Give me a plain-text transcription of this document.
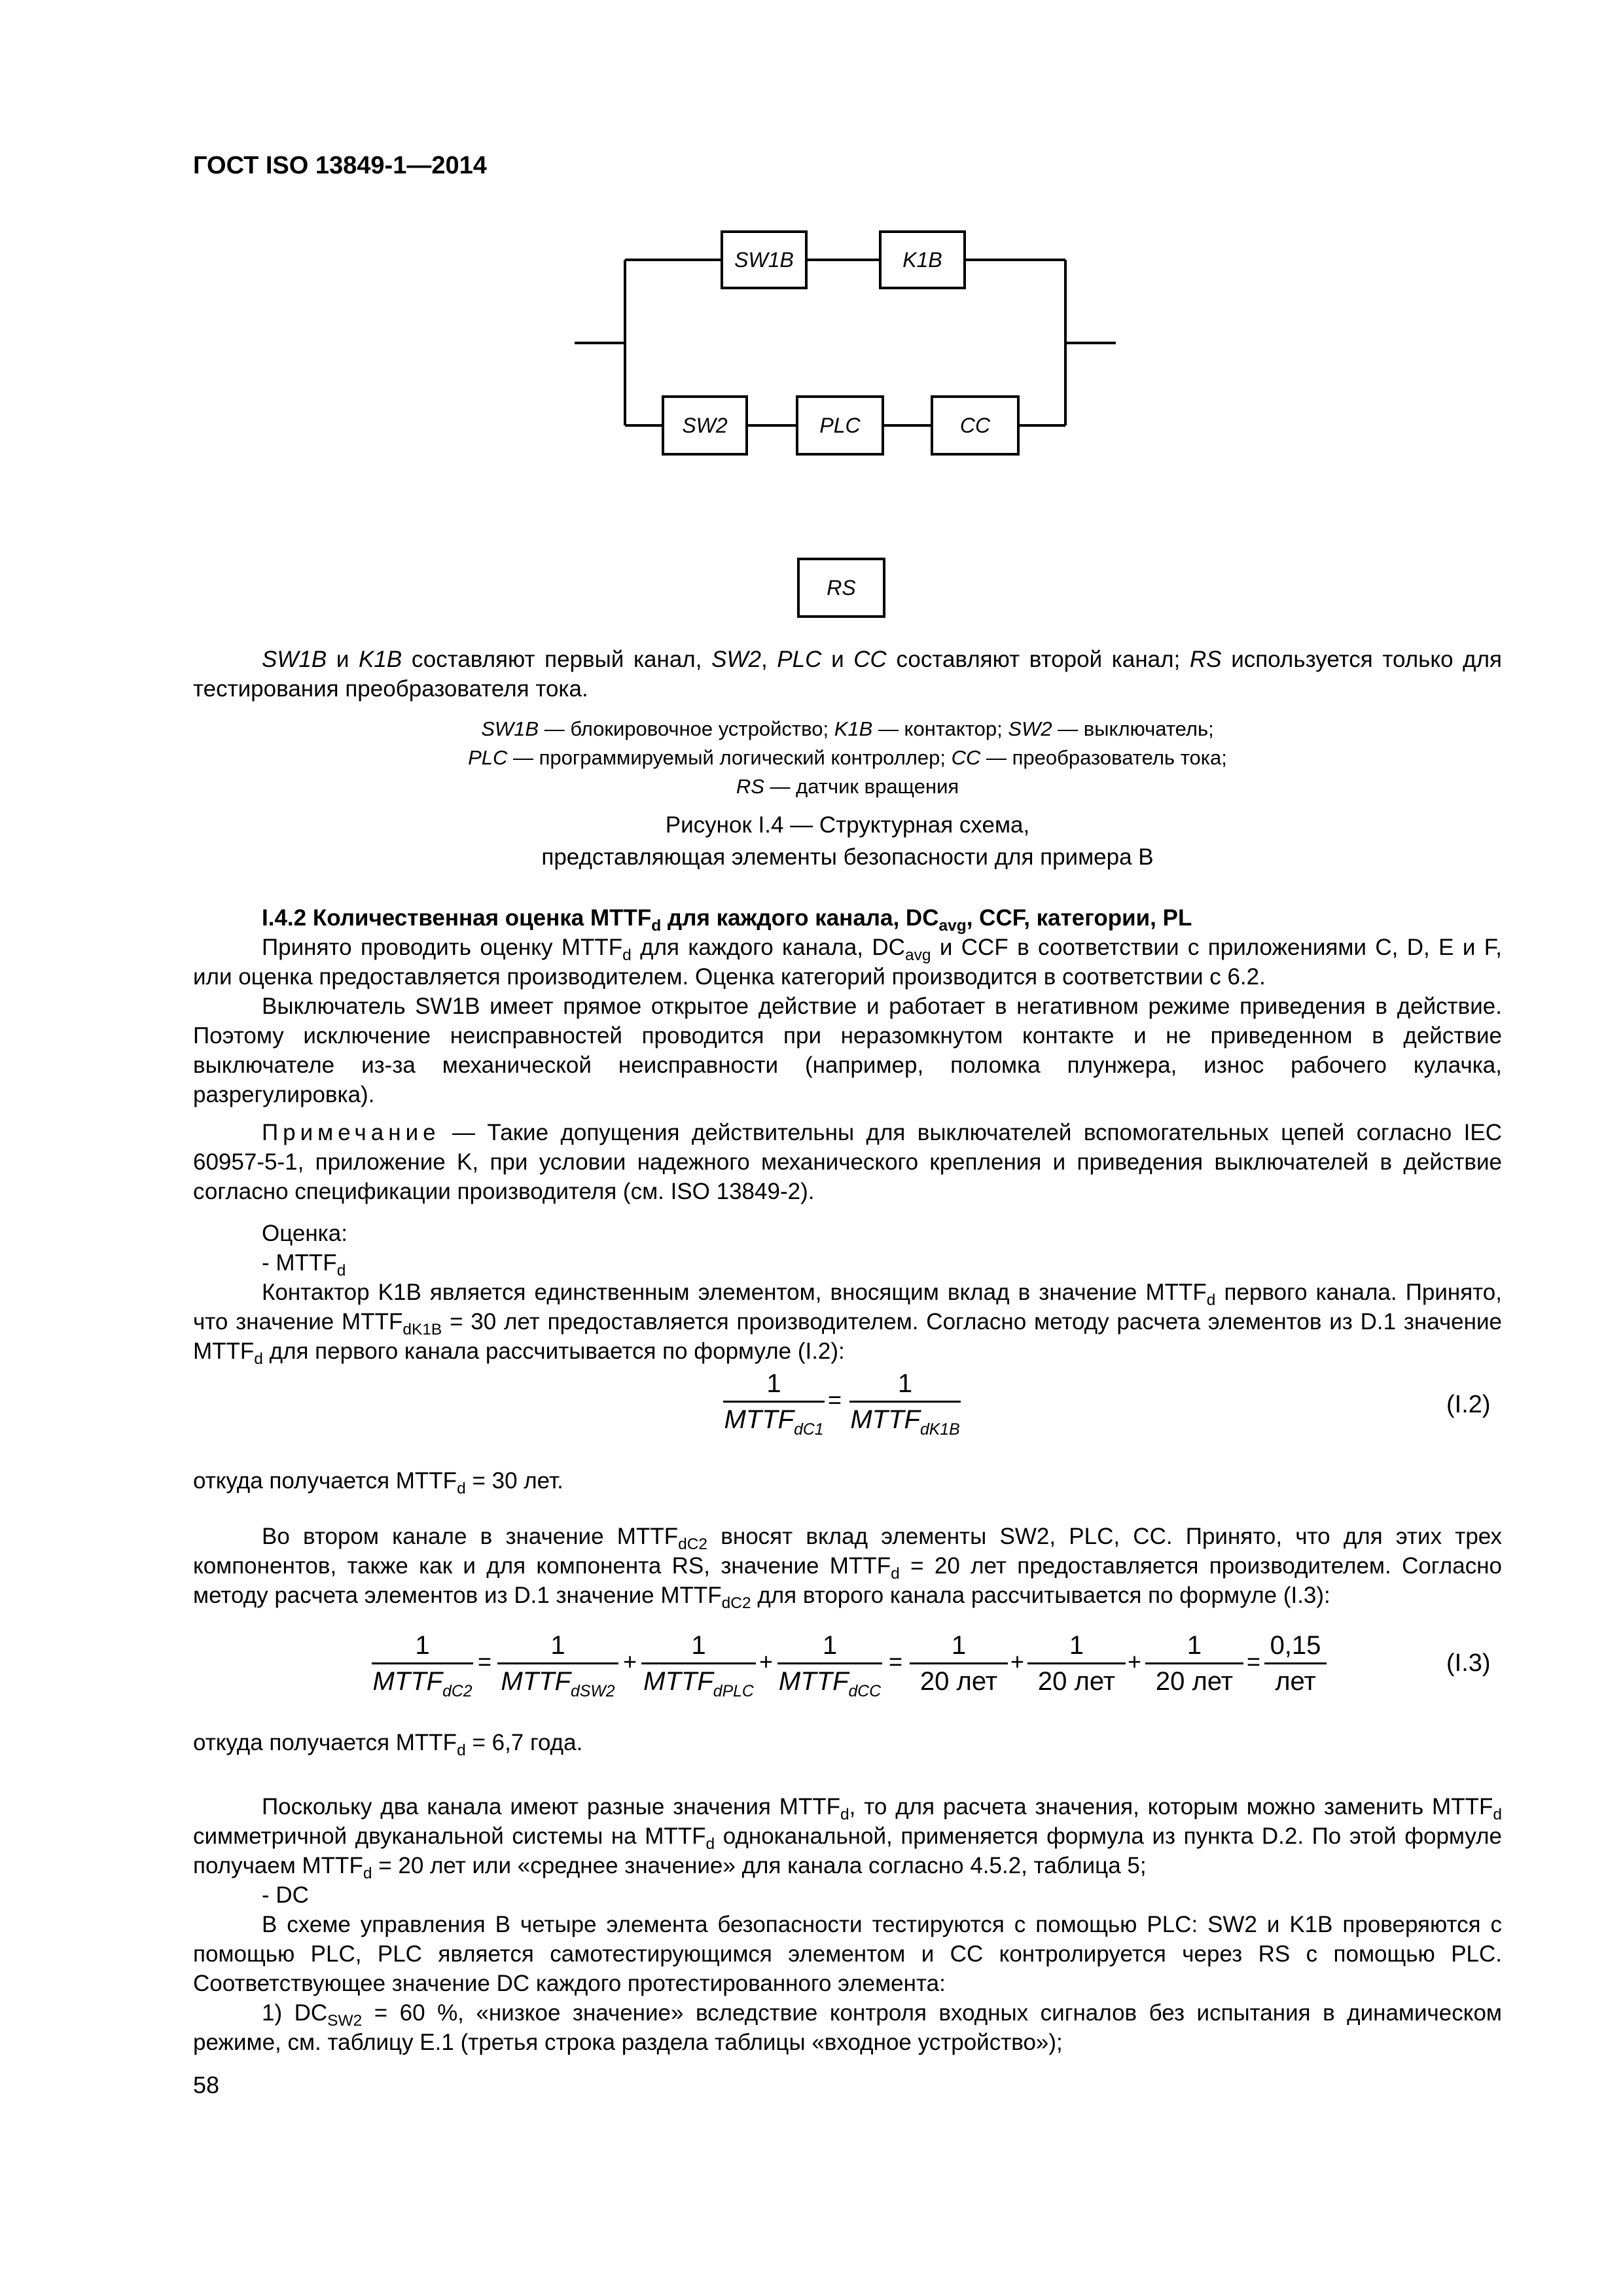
ГОСТ ISO 13849-1—2014
SW1B	K1B
SW2	PLC	CC
RS
SW1B и K1B составляют первый канал, SW2, PLC и CC составляют второй канал; RS используется только для тестирования преобразователя тока.
SW1B — блокировочное устройство; K1B — контактор; SW2 — выключатель;
PLC — программируемый логический контроллер; CC — преобразователь тока;
RS — датчик вращения
Рисунок I.4 — Структурная схема,
представляющая элементы безопасности для примера В
I.4.2 Количественная оценка $MTTF_d$ для каждого канала, $DC_{avg}$, CCF, категории, PL
Принято проводить оценку $MTTF_d$ для каждого канала, $DC_{avg}$ и CCF в соответствии с приложениями C, D, E и F, или оценка предоставляется производителем. Оценка категорий производится в соответствии с 6.2.
Выключатель SW1B имеет прямое открытое действие и работает в негативном режиме приведения в действие. Поэтому исключение неисправностей проводится при неразомкнутом контакте и не приведенном в действие выключателе из-за механической неисправности (например, поломка плунжера, износ рабочего кулачка, разрегулировка).
Примечание — Такие допущения действительны для выключателей вспомогательных цепей согласно IEC 60957-5-1, приложение K, при условии надежного механического крепления и приведения выключателей в действие согласно спецификации производителя (см. ISO 13849-2).
Оценка:
- $MTTF_d$
Контактор K1B является единственным элементом, вносящим вклад в значение $MTTF_d$ первого канала. Принято, что значение $MTTF_{dK1B} = 30$ лет предоставляется производителем. Согласно методу расчета элементов из D.1 значение $MTTF_d$ для первого канала рассчитывается по формуле (I.2):
1
$MTTF_{dC1}$
=
1
$MTTF_{dK1B}$
(I.2)
откуда получается $MTTF_d = 30$ лет.
Во втором канале в значение $MTTF_{dC2}$ вносят вклад элементы SW2, PLC, CC. Принято, что для этих трех компонентов, также как и для компонента RS, значение $MTTF_d = 20$ лет предоставляется производителем. Согласно методу расчета элементов из D.1 значение $MTTF_{dC2}$ для второго канала рассчитывается по формуле (I.3):
1
$MTTF_{dC2}$
=
1
$MTTF_{dSW2}$
+
1
$MTTF_{dPLC}$
+
1
$MTTF_{dCC}$
=
1
20 лет
+
1
20 лет
+
1
20 лет
=
0,15
лет
(I.3)
откуда получается $MTTF_d = 6,7$ года.
Поскольку два канала имеют разные значения $MTTF_d$, то для расчета значения, которым можно заменить $MTTF_d$ симметричной двуканальной системы на $MTTF_d$ одноканальной, применяется формула из пункта D.2. По этой формуле получаем $MTTF_d = 20$ лет или «среднее значение» для канала согласно 4.5.2, таблица 5;
- DC
В схеме управления В четыре элемента безопасности тестируются с помощью PLC: SW2 и K1B проверяются с помощью PLC, PLC является самотестирующимся элементом и CC контролируется через RS с помощью PLC. Соответствующее значение DC каждого протестированного элемента:
1) $DC_{SW2} = 60$ %, «низкое значение» вследствие контроля входных сигналов без испытания в динамическом режиме, см. таблицу E.1 (третья строка раздела таблицы «входное устройство»);
58
